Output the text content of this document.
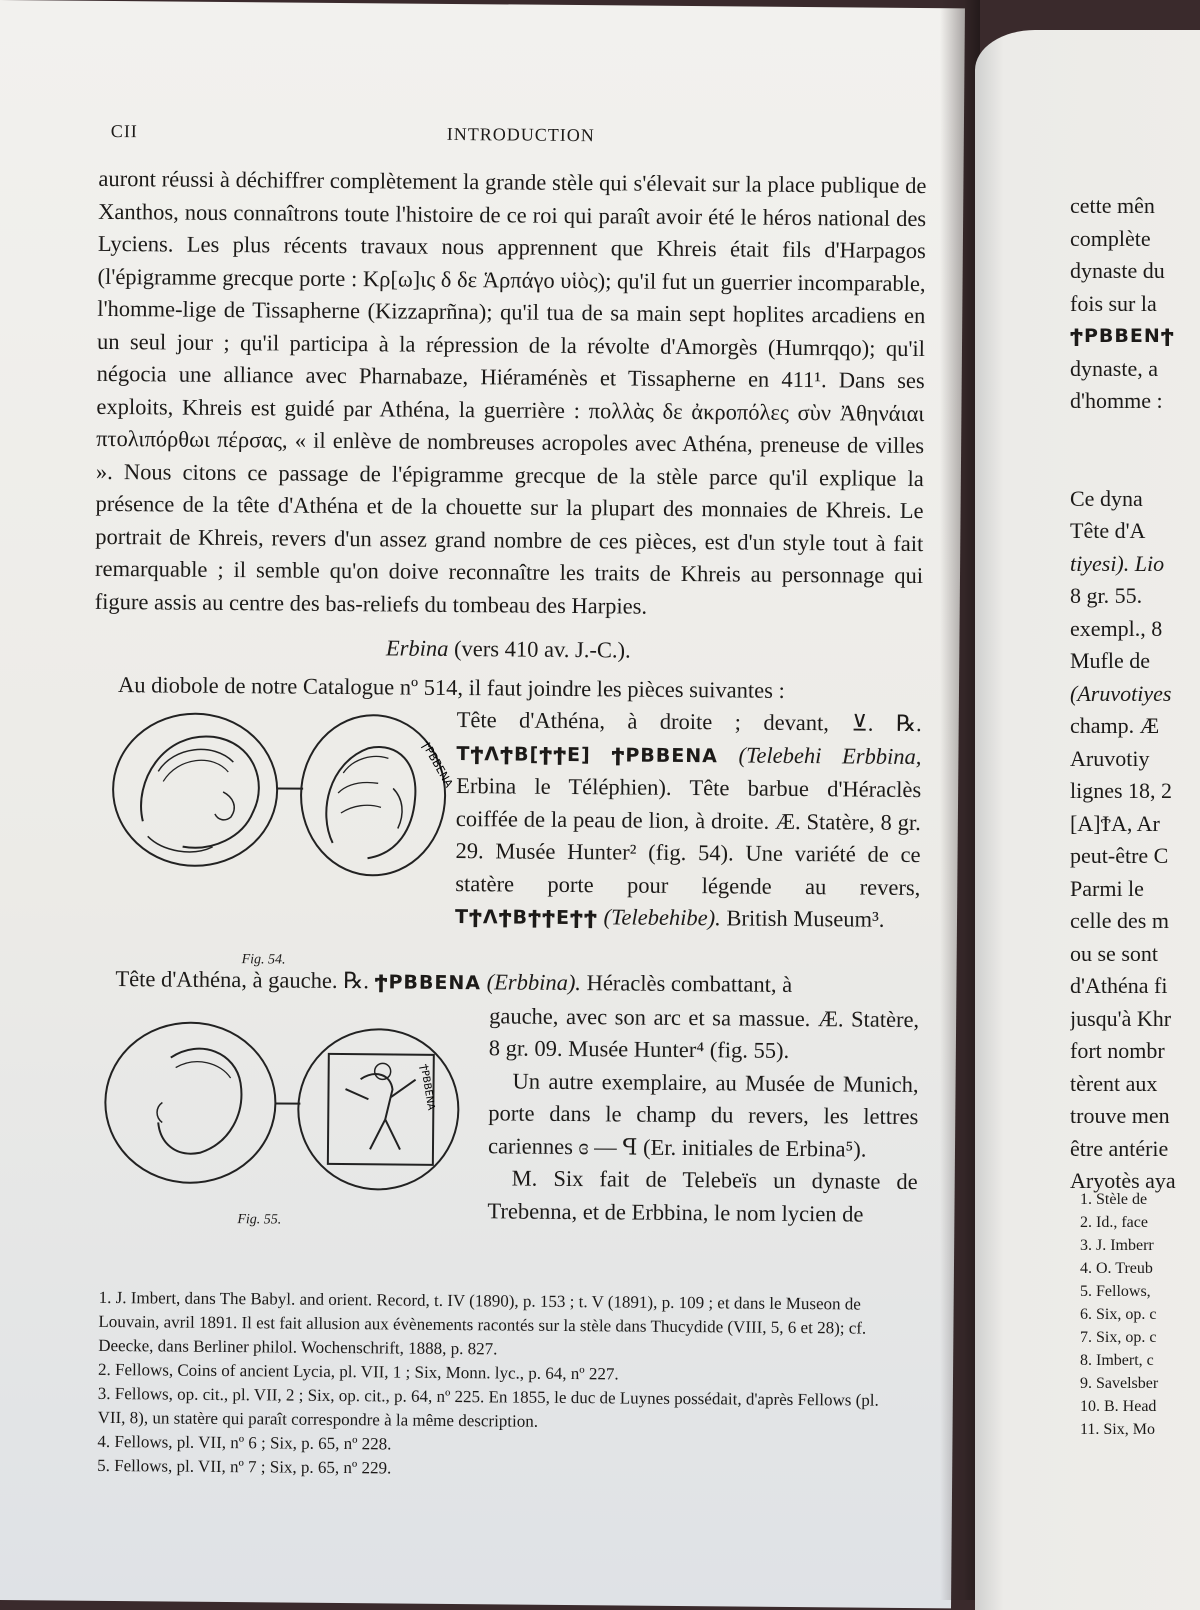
CII	INTRODUCTION

auront réussi à déchiffrer complètement la grande stèle qui s'élevait sur la place publique de Xanthos, nous connaîtrons toute l'histoire de ce roi qui paraît avoir été le héros national des Lyciens. Les plus récents travaux nous apprennent que Khreis était fils d'Harpagos (l'épigramme grecque porte : Κρ[ω]ις δ δε Ἁρπάγο υἱὸς); qu'il fut un guerrier incomparable, l'homme-lige de Tissapherne (Kizzaprñna); qu'il tua de sa main sept hoplites arcadiens en un seul jour ; qu'il participa à la répression de la révolte d'Amorgès (Humrqqo); qu'il négocia une alliance avec Pharnabaze, Hiéraménès et Tissapherne en 411¹. Dans ses exploits, Khreis est guidé par Athéna, la guerrière : πολλὰς δε ἀκροπόλες σὺν Ἀθηνάιαι πτολιπόρθωι πέρσας, « il enlève de nombreuses acropoles avec Athéna, preneuse de villes ». Nous citons ce passage de l'épigramme grecque de la stèle parce qu'il explique la présence de la tête d'Athéna et de la chouette sur la plupart des monnaies de Khreis. Le portrait de Khreis, revers d'un assez grand nombre de ces pièces, est d'un style tout à fait remarquable ; il semble qu'on doive reconnaître les traits de Khreis au personnage qui figure assis au centre des bas-reliefs du tombeau des Harpies.

Erbina (vers 410 av. J.-C.).

Au diobole de notre Catalogue nº 514, il faut joindre les pièces suivantes :

ϮPBBENA
Fig. 54.
Tête d'Athéna, à droite ; devant, ⊻. ℞. TϮΛϮB[ϮϮE] ϮPBBENA (Telebehi Erbbina, Erbina le Téléphien). Tête barbue d'Héraclès coiffée de la peau de lion, à droite. Æ. Statère, 8 gr. 29. Musée Hunter² (fig. 54). Une variété de ce statère porte pour légende au revers, TϮΛϮBϮϮEϮϮ (Telebehibe). British Museum³.

Tête d'Athéna, à gauche. ℞. ϮPBBENA (Erbbina). Héraclès combattant, à

ϮPBBENA
Fig. 55.

gauche, avec son arc et sa massue. Æ. Statère, 8 gr. 09. Musée Hunter⁴ (fig. 55).

Un autre exemplaire, au Musée de Munich, porte dans le champ du revers, les lettres cariennes ɞ — ꟼ (Er. initiales de Erbina⁵).

M. Six fait de Telebeïs un dynaste de Trebenna, et de Erbbina, le nom lycien de

1. J. Imbert, dans The Babyl. and orient. Record, t. IV (1890), p. 153 ; t. V (1891), p. 109 ; et dans le Museon de Louvain, avril 1891. Il est fait allusion aux évènements racontés sur la stèle dans Thucydide (VIII, 5, 6 et 28); cf. Deecke, dans Berliner philol. Wochenschrift, 1888, p. 827.

2. Fellows, Coins of ancient Lycia, pl. VII, 1 ; Six, Monn. lyc., p. 64, nº 227.

3. Fellows, op. cit., pl. VII, 2 ; Six, op. cit., p. 64, nº 225. En 1855, le duc de Luynes possédait, d'après Fellows (pl. VII, 8), un statère qui paraît correspondre à la même description.

4. Fellows, pl. VII, nº 6 ; Six, p. 65, nº 228.

5. Fellows, pl. VII, nº 7 ; Six, p. 65, nº 229.

cette mên

complète

dynaste du

fois sur la

ϮPBBENϮ

dynaste, a

d'homme :

Ce dyna

Tête d'A

tiyesi). Lio

8 gr. 55.

exempl., 8

Mufle de

(Aruvotiyes

champ. Æ

Aruvotiy

lignes 18, 2

[A]ϮA, Ar

peut-être C

Parmi le

celle des m

ou se sont

d'Athéna fi

jusqu'à Khr

fort nombr

tèrent aux

trouve men

être antérie

Aryotès aya

1. Stèle de

2. Id., face

3. J. Imberr

4. O. Treub

5. Fellows,

6. Six, op. c

7. Six, op. c

8. Imbert, c

9. Savelsber

10. B. Head

11. Six, Mo
